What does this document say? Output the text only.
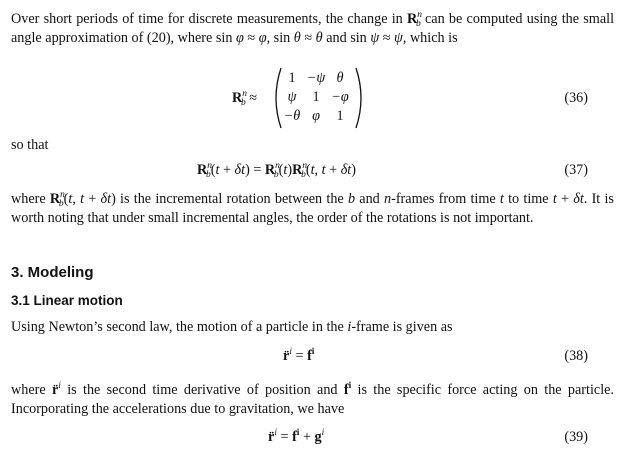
Over short periods of time for discrete measurements, the change in $R^n_b$ can be computed using the small angle approximation of (20), where sin φ ≈ φ, sin θ ≈ θ and sin ψ ≈ ψ, which is
$R^n_b$ ≈
1 −ψ θ
ψ	1 −φ
−θ φ	1
(36)
so that
$R^n_b(t + \delta t) = R^n_b(t)R^n_b(t$, t + δt)	(37)
where $R^n_b(t$, t + δt) is the incremental rotation between the b and n-frames from time t to time t + δt. It is worth noting that under small incremental angles, the order of the rotations is not important.
3. Modeling
3.1 Linear motion
Using Newton’s second law, the motion of a particle in the i-frame is given as
r̈$^i$ = $f^i$	(38)
where r̈$^i$ is the second time derivative of position and $f^i$ is the specific force acting on the particle. Incorporating the accelerations due to gravitation, we have
r̈$^i$ = $f^i + g^i$	(39)
